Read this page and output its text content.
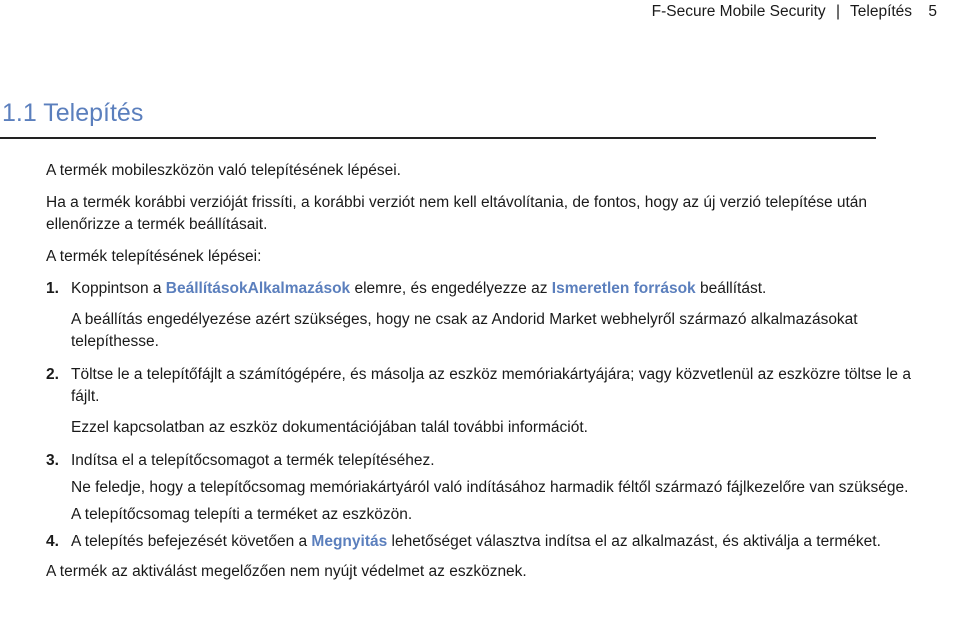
F-Secure Mobile Security | Telepítés 5
1.1 Telepítés

A termék mobileszközön való telepítésének lépései.

Ha a termék korábbi verzióját frissíti, a korábbi verziót nem kell eltávolítania, de fontos, hogy az új verzió telepítése után ellenőrizze a termék beállításait.

A termék telepítésének lépései:

1. Koppintson a BeállításokAlkalmazások elemre, és engedélyezze az Ismeretlen források beállítást.

A beállítás engedélyezése azért szükséges, hogy ne csak az Andorid Market webhelyről származó alkalmazásokat telepíthesse.

2. Töltse le a telepítőfájlt a számítógépére, és másolja az eszköz memóriakártyájára; vagy közvetlenül az eszközre töltse le a fájlt.

Ezzel kapcsolatban az eszköz dokumentációjában talál további információt.

3. Indítsa el a telepítőcsomagot a termék telepítéséhez.

Ne feledje, hogy a telepítőcsomag memóriakártyáról való indításához harmadik féltől származó fájlkezelőre van szüksége.

A telepítőcsomag telepíti a terméket az eszközön.

4. A telepítés befejezését követően a Megnyitás lehetőséget választva indítsa el az alkalmazást, és aktiválja a terméket.

A termék az aktiválást megelőzően nem nyújt védelmet az eszköznek.
